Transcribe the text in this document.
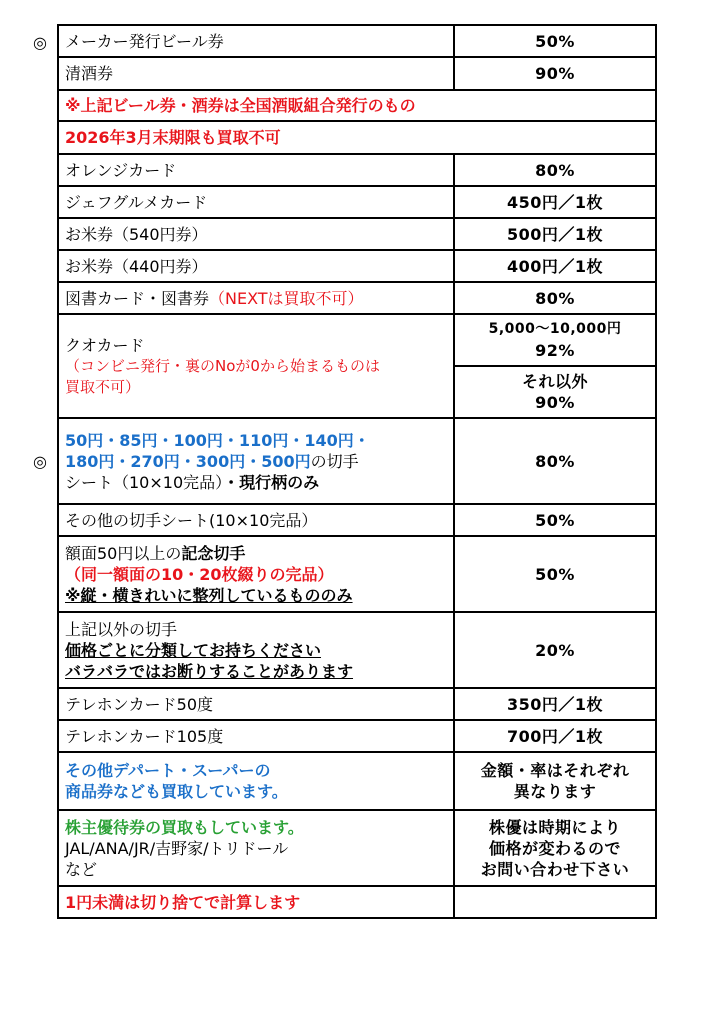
◎
◎
メーカー発行ビール券	50%
清酒券	90%
※上記ビール券・酒券は全国酒販組合発行のもの	
2026年3月末期限も買取不可	
オレンジカード	80%
ジェフグルメカード	450円／1枚
お米券（540円券）	500円／1枚
お米券（440円券）	400円／1枚
図書カード・図書券（NEXTは買取不可）	80%

クオカード
（コンビニ発行・裏のNoが0から始まるものは
買取不可）	5,000〜10,000円
92%

	それ以外
90%

50円・85円・100円・110円・140円・
180円・270円・300円・500円の切手
シート（10×10完品）・現行柄のみ	80%
その他の切手シート(10×10完品）	50%

額面50円以上の記念切手
（同一額面の10・20枚綴りの完品）
※縦・横きれいに整列しているもののみ	50%

上記以外の切手
価格ごとに分類してお持ちください
バラバラではお断りすることがあります	20%
テレホンカード50度	350円／1枚
テレホンカード105度	700円／1枚

その他デパート・スーパーの
商品券なども買取しています。	金額・率はそれぞれ
異なります

株主優待券の買取もしています。
JAL/ANA/JR/吉野家/トリドール
など	株優は時期により
価格が変わるので
お問い合わせ下さい

1円未満は切り捨てで計算します	
